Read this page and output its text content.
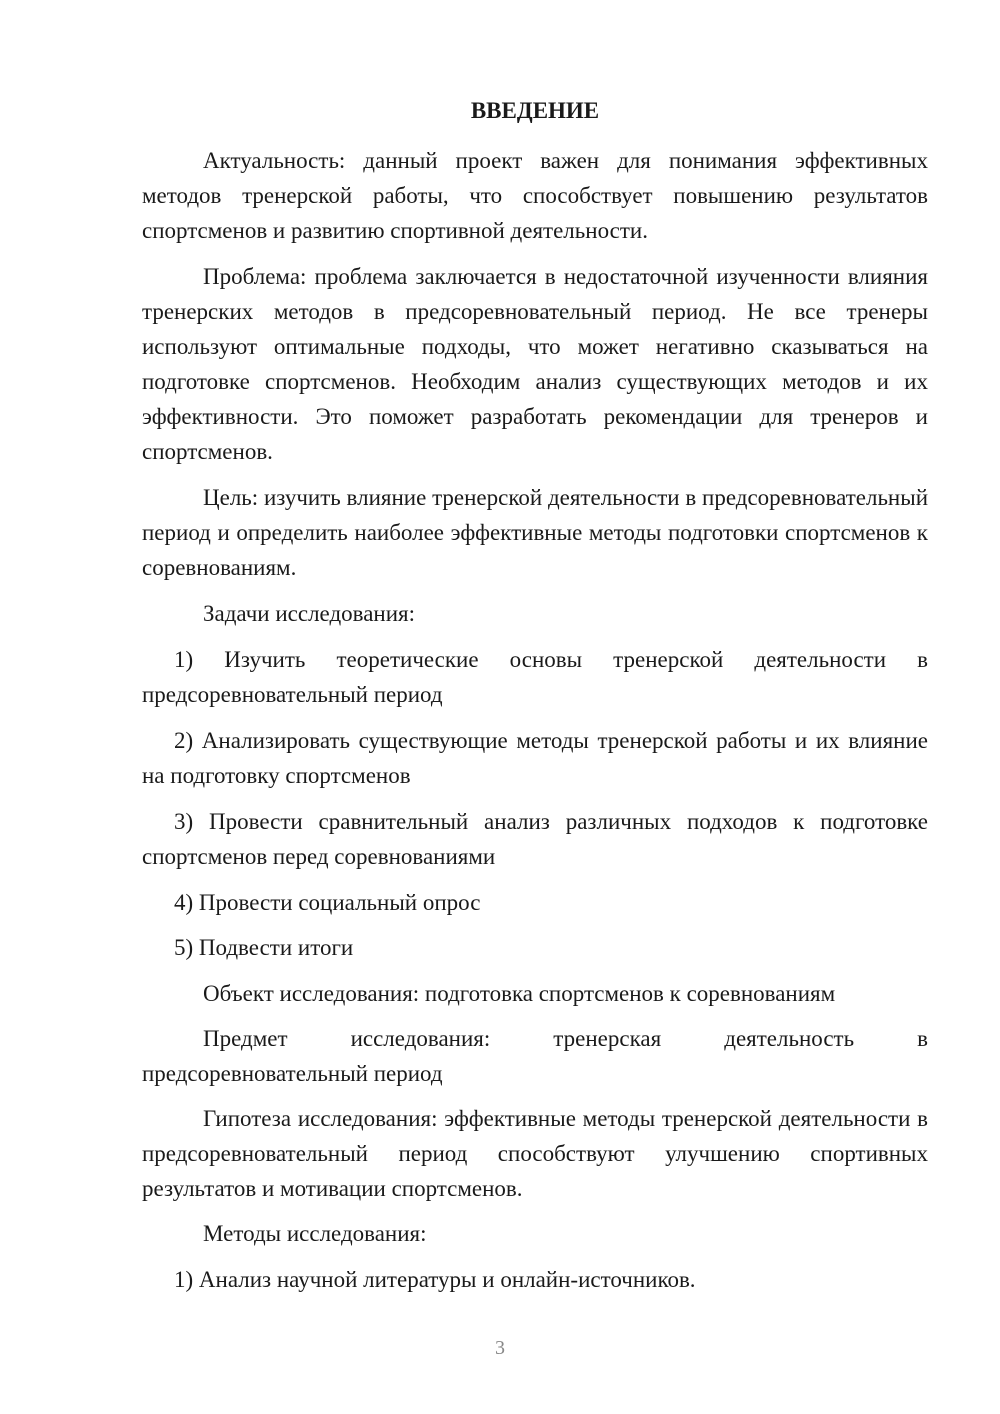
ВВЕДЕНИЕ

Актуальность: данный проект важен для понимания эффективных методов тренерской работы, что способствует повышению результатов спортсменов и развитию спортивной деятельности.

Проблема: проблема заключается в недостаточной изученности влияния тренерских методов в предсоревновательный период. Не все тренеры используют оптимальные подходы, что может негативно сказываться на подготовке спортсменов. Необходим анализ существующих методов и их эффективности. Это поможет разработать рекомендации для тренеров и спортсменов.

Цель: изучить влияние тренерской деятельности в предсоревновательный период и определить наиболее эффективные методы подготовки спортсменов к соревнованиям.

Задачи исследования:

1) Изучить теоретические основы тренерской деятельности в предсоревновательный период

2) Анализировать существующие методы тренерской работы и их влияние на подготовку спортсменов

3) Провести сравнительный анализ различных подходов к подготовке спортсменов перед соревнованиями

4) Провести социальный опрос

5) Подвести итоги

Объект исследования: подготовка спортсменов к соревнованиям

Предмет исследования: тренерская деятельность в предсоревновательный период

Гипотеза исследования: эффективные методы тренерской деятельности в предсоревновательный период способствуют улучшению спортивных результатов и мотивации спортсменов.

Методы исследования:

1) Анализ научной литературы и онлайн-источников.

3
